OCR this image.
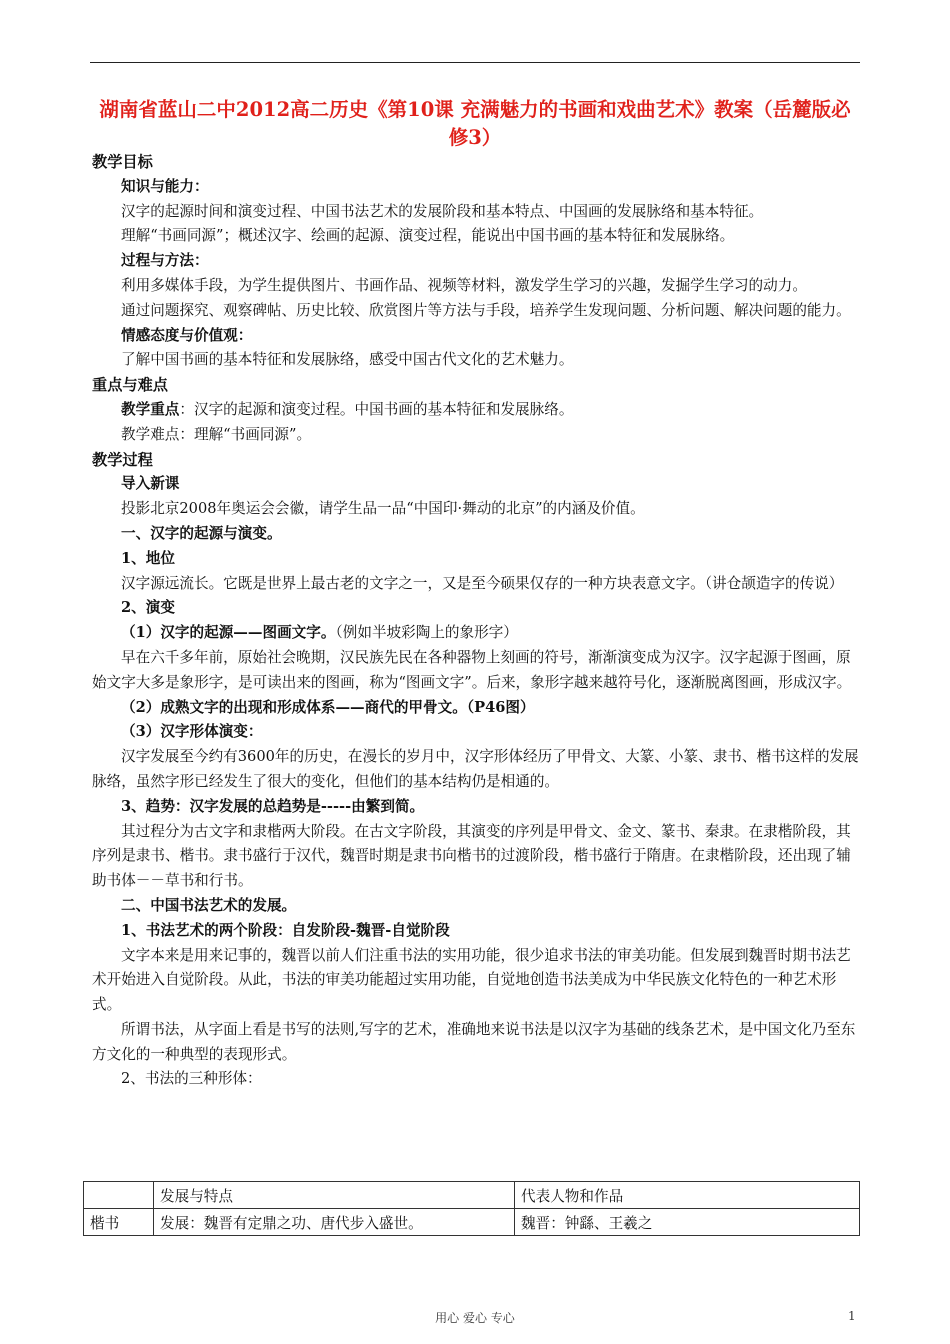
湖南省蓝山二中2012高二历史《第10课 充满魅力的书画和戏曲艺术》教案（岳麓版必修3）

教学目标

知识与能力：

汉字的起源时间和演变过程、中国书法艺术的发展阶段和基本特点、中国画的发展脉络和基本特征。

理解“书画同源”；概述汉字、绘画的起源、演变过程，能说出中国书画的基本特征和发展脉络。

过程与方法：

利用多媒体手段，为学生提供图片、书画作品、视频等材料，激发学生学习的兴趣，发掘学生学习的动力。

通过问题探究、观察碑帖、历史比较、欣赏图片等方法与手段，培养学生发现问题、分析问题、解决问题的能力。

情感态度与价值观：

了解中国书画的基本特征和发展脉络，感受中国古代文化的艺术魅力。

重点与难点

教学重点：汉字的起源和演变过程。中国书画的基本特征和发展脉络。

教学难点：理解“书画同源”。

教学过程

导入新课

投影北京2008年奥运会会徽，请学生品一品“中国印·舞动的北京”的内涵及价值。

一、汉字的起源与演变。

1、地位

汉字源远流长。它既是世界上最古老的文字之一，又是至今硕果仅存的一种方块表意文字。（讲仓颉造字的传说）

2、演变

（1）汉字的起源——图画文字。（例如半坡彩陶上的象形字）

早在六千多年前，原始社会晚期，汉民族先民在各种器物上刻画的符号，渐渐演变成为汉字。汉字起源于图画，原始文字大多是象形字，是可读出来的图画，称为“图画文字”。后来，象形字越来越符号化，逐渐脱离图画，形成汉字。

（2）成熟文字的出现和形成体系——商代的甲骨文。（P46图）

（3）汉字形体演变：

汉字发展至今约有3600年的历史，在漫长的岁月中，汉字形体经历了甲骨文、大篆、小篆、隶书、楷书这样的发展脉络，虽然字形已经发生了很大的变化，但他们的基本结构仍是相通的。

3、趋势：汉字发展的总趋势是-----由繁到简。

其过程分为古文字和隶楷两大阶段。在古文字阶段，其演变的序列是甲骨文、金文、篆书、秦隶。在隶楷阶段，其序列是隶书、楷书。隶书盛行于汉代，魏晋时期是隶书向楷书的过渡阶段，楷书盛行于隋唐。在隶楷阶段，还出现了辅助书体－－草书和行书。

二、中国书法艺术的发展。

1、书法艺术的两个阶段：自发阶段-魏晋-自觉阶段

文字本来是用来记事的，魏晋以前人们注重书法的实用功能，很少追求书法的审美功能。但发展到魏晋时期书法艺术开始进入自觉阶段。从此，书法的审美功能超过实用功能，自觉地创造书法美成为中华民族文化特色的一种艺术形式。

所谓书法，从字面上看是书写的法则,写字的艺术，准确地来说书法是以汉字为基础的线条艺术，是中国文化乃至东方文化的一种典型的表现形式。

2、书法的三种形体：

	发展与特点	代表人物和作品
楷书	发展：魏晋有定鼎之功、唐代步入盛世。	魏晋：钟繇、王羲之
用心 爱心 专心	1
